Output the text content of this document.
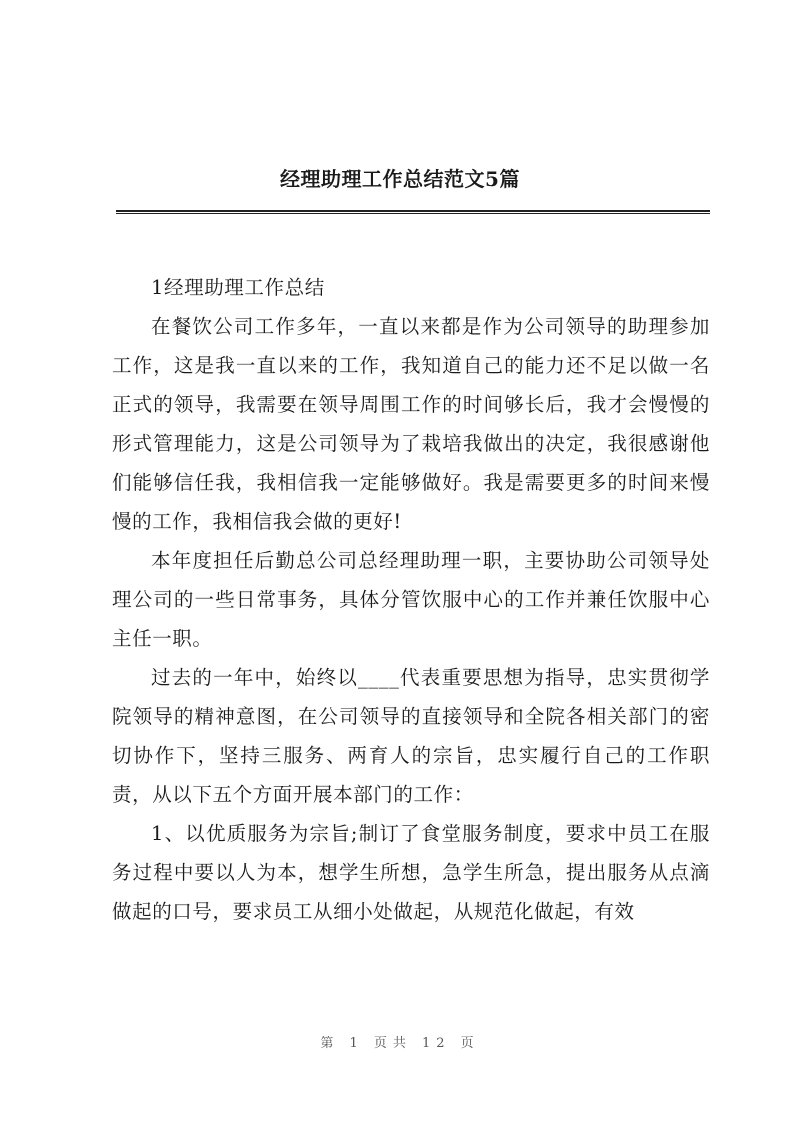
经理助理工作总结范文5篇

1经理助理工作总结

在餐饮公司工作多年，一直以来都是作为公司领导的助理参加工作，这是我一直以来的工作，我知道自己的能力还不足以做一名正式的领导，我需要在领导周围工作的时间够长后，我才会慢慢的形式管理能力，这是公司领导为了栽培我做出的决定，我很感谢他们能够信任我，我相信我一定能够做好。我是需要更多的时间来慢慢的工作，我相信我会做的更好!

本年度担任后勤总公司总经理助理一职，主要协助公司领导处理公司的一些日常事务，具体分管饮服中心的工作并兼任饮服中心主任一职。

过去的一年中，始终以____代表重要思想为指导，忠实贯彻学院领导的精神意图，在公司领导的直接领导和全院各相关部门的密切协作下，坚持三服务、两育人的宗旨，忠实履行自己的工作职责，从以下五个方面开展本部门的工作：

1、以优质服务为宗旨;制订了食堂服务制度，要求中员工在服务过程中要以人为本，想学生所想，急学生所急，提出服务从点滴做起的口号，要求员工从细小处做起，从规范化做起，有效

第 1 页共 12 页
